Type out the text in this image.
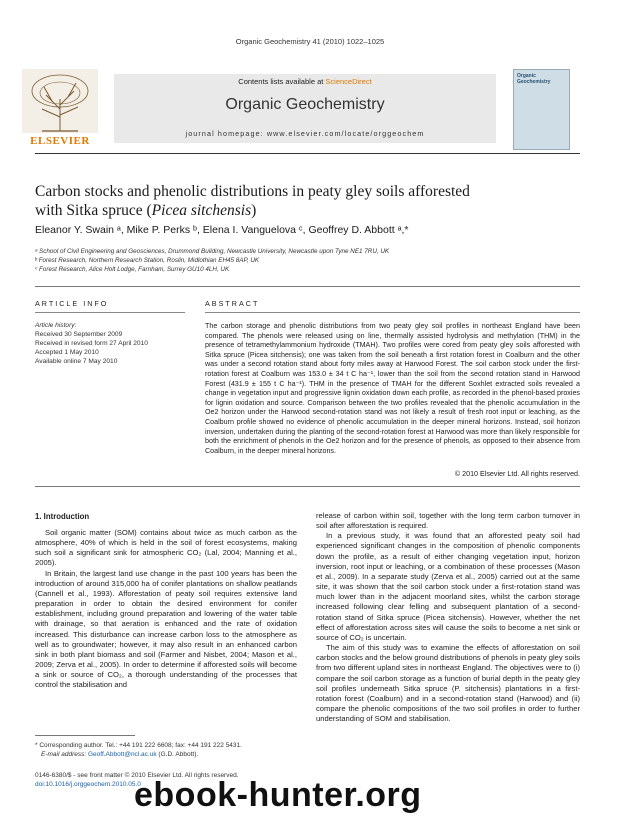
Organic Geochemistry 41 (2010) 1022–1025
Contents lists available at ScienceDirect
Organic Geochemistry
journal homepage: www.elsevier.com/locate/orggeochem
ELSEVIER
Organic Geochemistry
Carbon stocks and phenolic distributions in peaty gley soils afforested
with Sitka spruce (Picea sitchensis)
Eleanor Y. Swain ᵃ, Mike P. Perks ᵇ, Elena I. Vanguelova ᶜ, Geoffrey D. Abbott ᵃ,*
ᵃ School of Civil Engineering and Geosciences, Drummond Building, Newcastle University, Newcastle upon Tyne NE1 7RU, UK
ᵇ Forest Research, Northern Research Station, Roslin, Midlothian EH45 8AP, UK
ᶜ Forest Research, Alice Holt Lodge, Farnham, Surrey GU10 4LH, UK
ARTICLE INFO
Article history:
Received 30 September 2009
Received in revised form 27 April 2010
Accepted 1 May 2010
Available online 7 May 2010
ABSTRACT
The carbon storage and phenolic distributions from two peaty gley soil profiles in northeast England have been compared. The phenols were released using on line, thermally assisted hydrolysis and methylation (THM) in the presence of tetramethylammonium hydroxide (TMAH). Two profiles were cored from peaty gley soils afforested with Sitka spruce (Picea sitchensis); one was taken from the soil beneath a first rotation forest in Coalburn and the other was under a second rotation stand about forty miles away at Harwood Forest. The soil carbon stock under the first-rotation forest at Coalburn was 153.0 ± 34 t C ha⁻¹, lower than the soil from the second rotation stand in Harwood Forest (431.9 ± 155 t C ha⁻¹). THM in the presence of TMAH for the different Soxhlet extracted soils revealed a change in vegetation input and progressive lignin oxidation down each profile, as recorded in the phenol-based proxies for lignin oxidation and source. Comparison between the two profiles revealed that the phenolic accumulation in the Oe2 horizon under the Harwood second-rotation stand was not likely a result of fresh root input or leaching, as the Coalburn profile showed no evidence of phenolic accumulation in the deeper mineral horizons. Instead, soil horizon inversion, undertaken during the planting of the second-rotation forest at Harwood was more than likely responsible for both the enrichment of phenols in the Oe2 horizon and for the presence of phenols, as opposed to their absence from Coalburn, in the deeper mineral horizons.
© 2010 Elsevier Ltd. All rights reserved.
1. Introduction

Soil organic matter (SOM) contains about twice as much carbon as the atmosphere, 40% of which is held in the soil of forest ecosystems, making such soil a significant sink for atmospheric CO₂ (Lal, 2004; Manning et al., 2005).

In Britain, the largest land use change in the past 100 years has been the introduction of around 315,000 ha of conifer plantations on shallow peatlands (Cannell et al., 1993). Afforestation of peaty soil requires extensive land preparation in order to obtain the desired environment for conifer establishment, including ground preparation and lowering of the water table with drainage, so that aeration is enhanced and the rate of oxidation increased. This disturbance can increase carbon loss to the atmosphere as well as to groundwater; however, it may also result in an enhanced carbon sink in both plant biomass and soil (Farmer and Nisbet, 2004; Mason et al., 2009; Zerva et al., 2005). In order to determine if afforested soils will become a sink or source of CO₂, a thorough understanding of the processes that control the stabilisation and

release of carbon within soil, together with the long term carbon turnover in soil after afforestation is required.

In a previous study, it was found that an afforested peaty soil had experienced significant changes in the composition of phenolic components down the profile, as a result of either changing vegetation input, horizon inversion, root input or leaching, or a combination of these processes (Mason et al., 2009). In a separate study (Zerva et al., 2005) carried out at the same site, it was shown that the soil carbon stock under a first-rotation stand was much lower than in the adjacent moorland sites, whilst the carbon storage increased following clear felling and subsequent plantation of a second-rotation stand of Sitka spruce (Picea sitchensis). However, whether the net effect of afforestation across sites will cause the soils to become a net sink or source of CO₂ is uncertain.

The aim of this study was to examine the effects of afforestation on soil carbon stocks and the below ground distributions of phenols in peaty gley soils from two different upland sites in northeast England. The objectives were to (i) compare the soil carbon storage as a function of burial depth in the peaty gley soil profiles underneath Sitka spruce (P. sitchensis) plantations in a first-rotation forest (Coalburn) and in a second-rotation stand (Harwood) and (ii) compare the phenolic compositions of the two soil profiles in order to further understanding of SOM and stabilisation.

* Corresponding author. Tel.: +44 191 222 6608; fax: +44 191 222 5431.
E-mail address: Geoff.Abbott@ncl.ac.uk (G.D. Abbott).
0146-6380/$ - see front matter © 2010 Elsevier Ltd. All rights reserved.
doi:10.1016/j.orggeochem.2010.05.0
ebook-hunter.org
